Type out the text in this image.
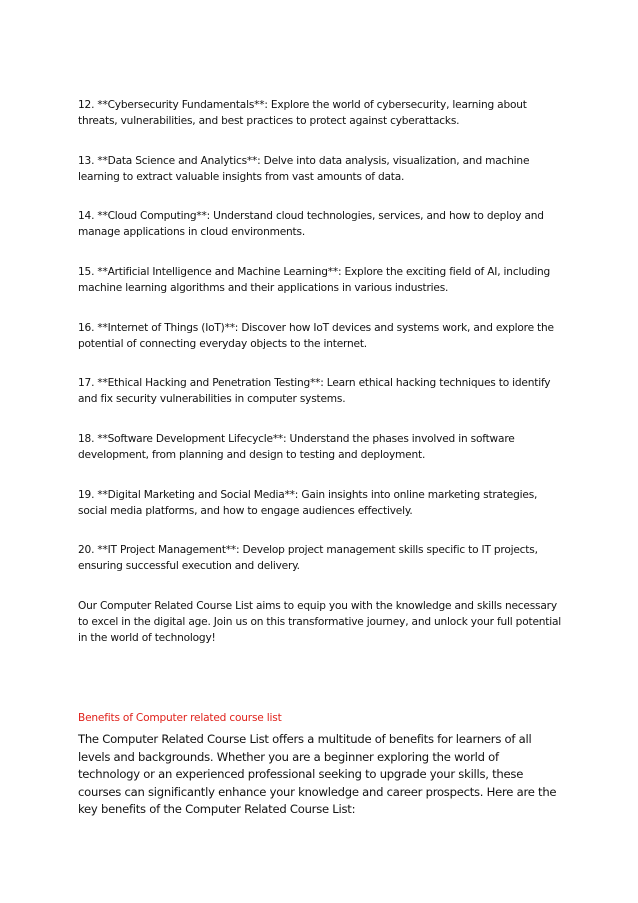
12. **Cybersecurity Fundamentals**: Explore the world of cybersecurity, learning about threats, vulnerabilities, and best practices to protect against cyberattacks.

13. **Data Science and Analytics**: Delve into data analysis, visualization, and machine learning to extract valuable insights from vast amounts of data.

14. **Cloud Computing**: Understand cloud technologies, services, and how to deploy and manage applications in cloud environments.

15. **Artificial Intelligence and Machine Learning**: Explore the exciting field of AI, including machine learning algorithms and their applications in various industries.

16. **Internet of Things (IoT)**: Discover how IoT devices and systems work, and explore the potential of connecting everyday objects to the internet.

17. **Ethical Hacking and Penetration Testing**: Learn ethical hacking techniques to identify and fix security vulnerabilities in computer systems.

18. **Software Development Lifecycle**: Understand the phases involved in software development, from planning and design to testing and deployment.

19. **Digital Marketing and Social Media**: Gain insights into online marketing strategies, social media platforms, and how to engage audiences effectively.

20. **IT Project Management**: Develop project management skills specific to IT projects, ensuring successful execution and delivery.

Our Computer Related Course List aims to equip you with the knowledge and skills necessary to excel in the digital age. Join us on this transformative journey, and unlock your full potential in the world of technology!

Benefits of Computer related course list

The Computer Related Course List offers a multitude of benefits for learners of all levels and backgrounds. Whether you are a beginner exploring the world of technology or an experienced professional seeking to upgrade your skills, these courses can significantly enhance your knowledge and career prospects. Here are the key benefits of the Computer Related Course List:
